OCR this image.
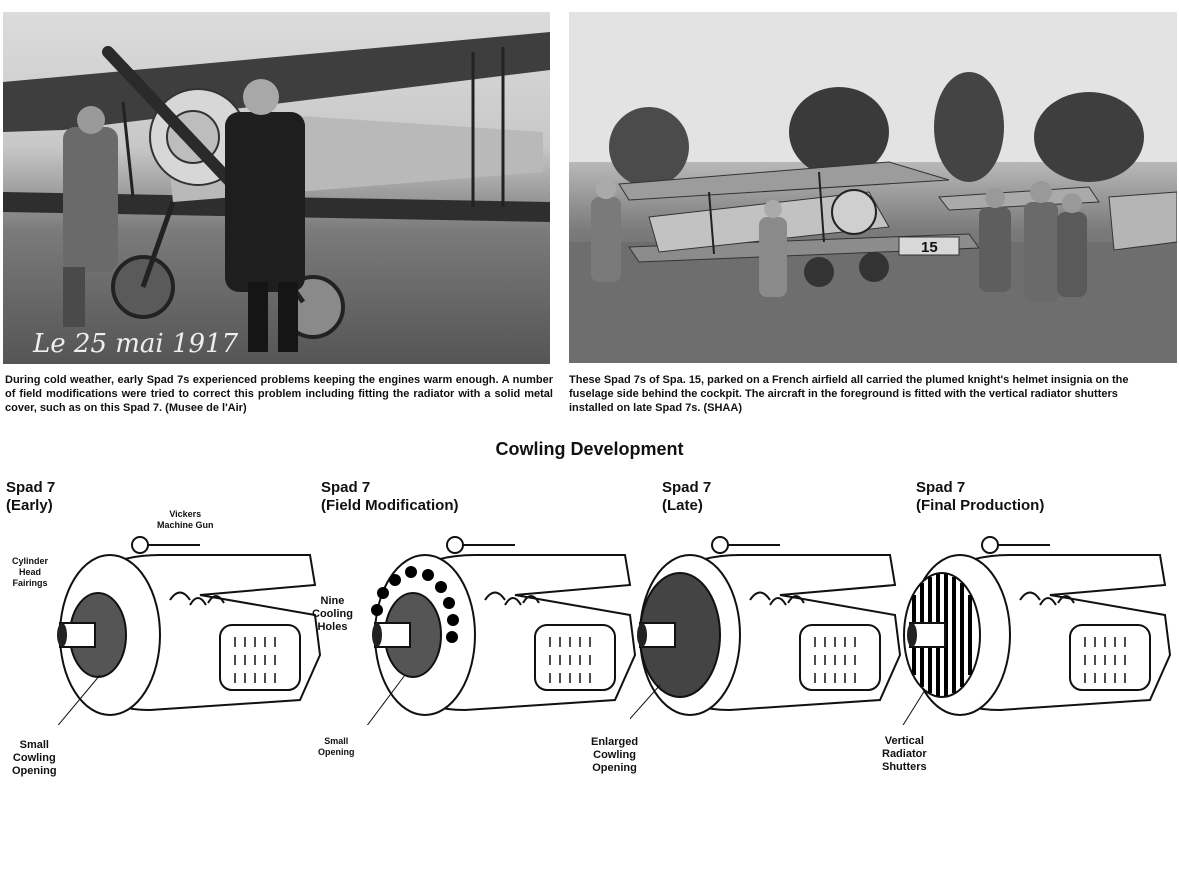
Le 25 mai 1917
15

During cold weather, early Spad 7s experienced problems keeping the engines warm enough. A number of field modifications were tried to correct this problem including fitting the radiator with a solid metal cover, such as on this Spad 7. (Musee de l'Air)

These Spad 7s of Spa. 15, parked on a French airfield all carried the plumed knight's helmet insignia on the fuselage side behind the cockpit. The aircraft in the foreground is fitted with the vertical radiator shutters installed on late Spad 7s. (SHAA)

Cowling Development
Spad 7
(Early)
Spad 7
(Field Modification)
Spad 7
(Late)
Spad 7
(Final Production)
Vickers
Machine Gun
Cylinder
Head
Fairings
Small
Cowling
Opening
Nine
Cooling
Holes
Small
Opening
Enlarged
Cowling
Opening
Vertical
Radiator
Shutters
